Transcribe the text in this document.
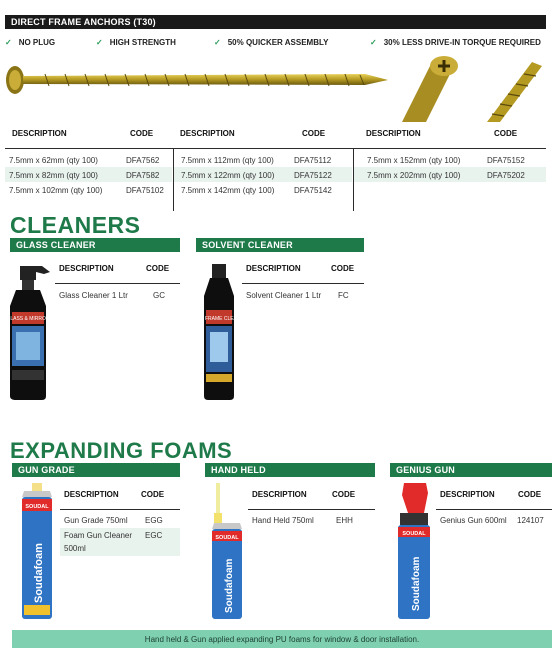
DIRECT FRAME ANCHORS (T30)
✓ NO PLUG	✓ HIGH STRENGTH	✓ 50% QUICKER ASSEMBLY	✓ 30% LESS DRIVE-IN TORQUE REQUIRED
DESCRIPTION	CODE	DESCRIPTION	CODE	DESCRIPTION	CODE
7.5mm x 62mm (qty 100)	DFA7562
7.5mm x 82mm (qty 100)	DFA7582
7.5mm x 102mm (qty 100)	DFA75102
7.5mm x 112mm (qty 100)	DFA75112
7.5mm x 122mm (qty 100) DFA75122
7.5mm x 142mm (qty 100) DFA75142
7.5mm x 152mm (qty 100)	DFA75152
7.5mm x 202mm (qty 100)	DFA75202
CLEANERS
GLASS CLEANER	SOLVENT CLEANER
GLASS & MIRROR	PVCu FRAME CLEANER
DESCRIPTION	CODE
Glass Cleaner 1 Ltr	GC
DESCRIPTION	CODE
Solvent Cleaner 1 Ltr FC
EXPANDING FOAMS
GUN GRADE	HAND HELD	GENIUS GUN
SOUDAL
Soudafoam
SOUDAL
Soudafoam
SOUDAL
Soudafoam
DESCRIPTION	CODE
Gun Grade 750ml EGG
Foam Gun Cleaner
500ml
EGC
DESCRIPTION	CODE
Hand Held 750ml	EHH
DESCRIPTION	CODE
Genius Gun 600ml 124107
Hand held & Gun applied expanding PU foams for window & door installation.
